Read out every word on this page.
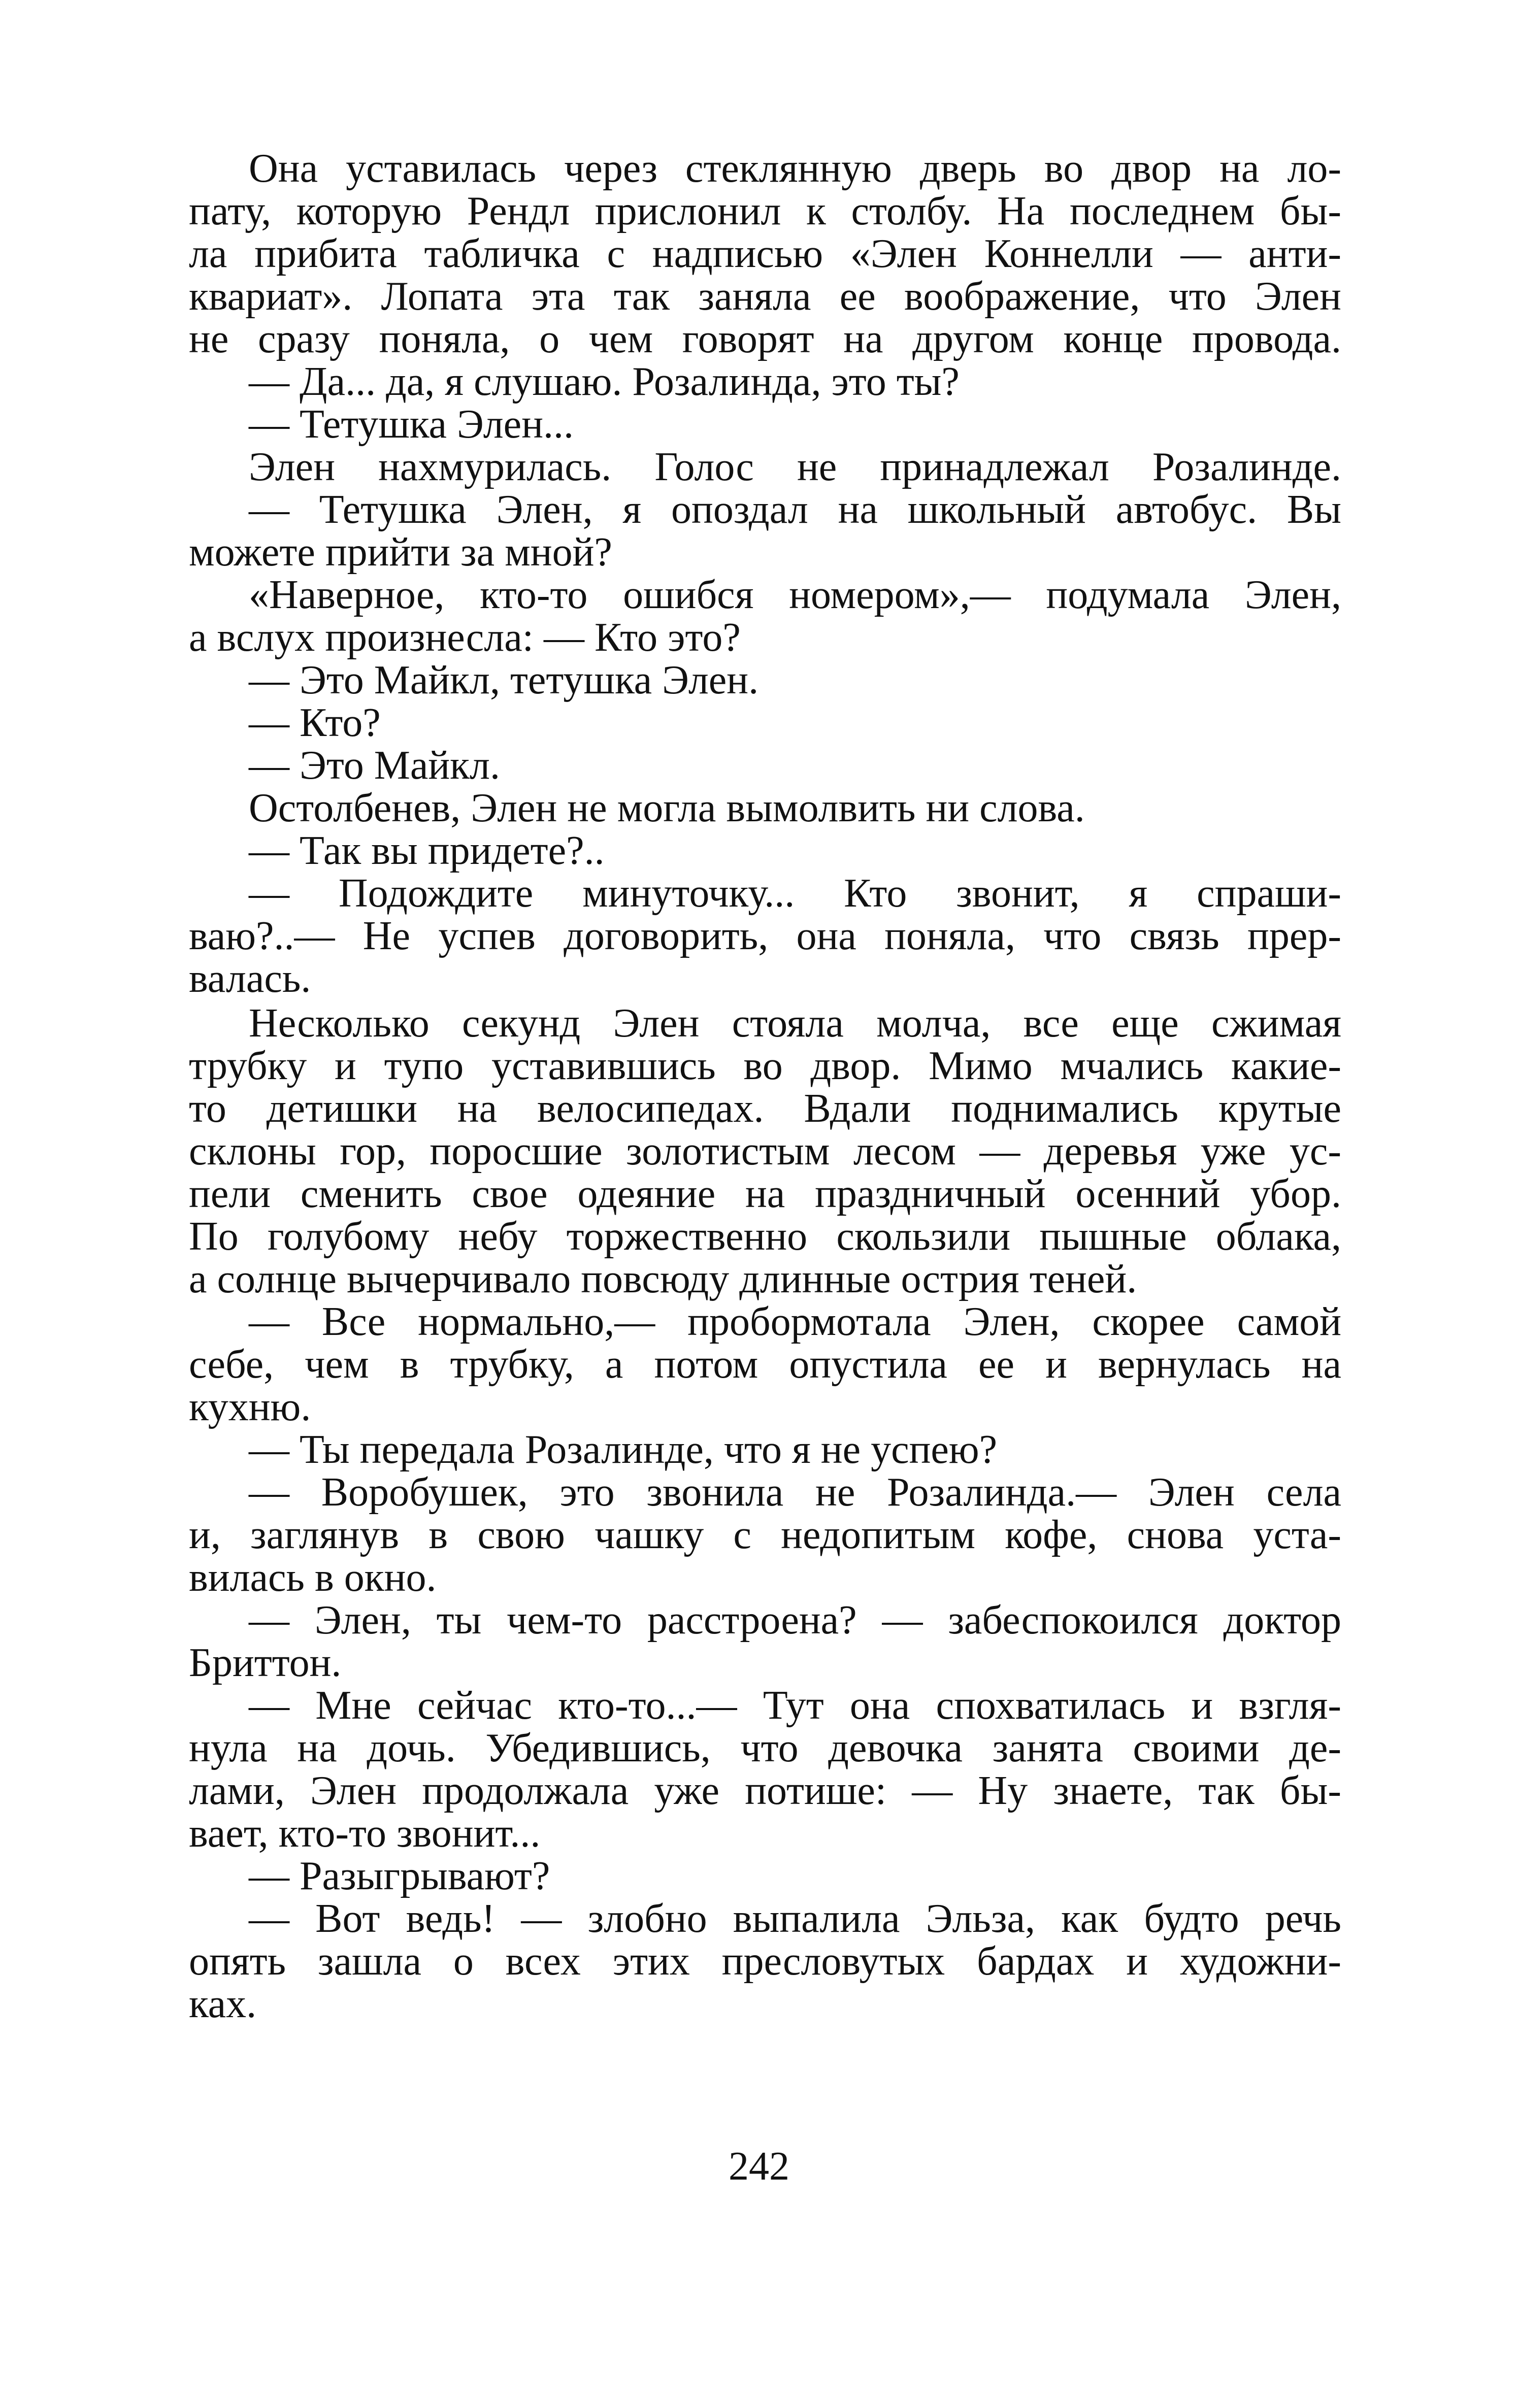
Она уставилась через стеклянную дверь во двор на ло-
пату, которую Рендл прислонил к столбу. На последнем бы-
ла прибита табличка с надписью «Элен Коннелли — анти-
квариат». Лопата эта так заняла ее воображение, что Элен
не сразу поняла, о чем говорят на другом конце провода.
— Да... да, я слушаю. Розалинда, это ты?
— Тетушка Элен...
Элен нахмурилась. Голос не принадлежал Розалинде.
— Тетушка Элен, я опоздал на школьный автобус. Вы
можете прийти за мной?
«Наверное, кто-то ошибся номером»,— подумала Элен,
а вслух произнесла: — Кто это?
— Это Майкл, тетушка Элен.
— Кто?
— Это Майкл.
Остолбенев, Элен не могла вымолвить ни слова.
— Так вы придете?..
— Подождите минуточку... Кто звонит, я спраши-
ваю?..— Не успев договорить, она поняла, что связь прер-
валась.
Несколько секунд Элен стояла молча, все еще сжимая
трубку и тупо уставившись во двор. Мимо мчались какие-
то детишки на велосипедах. Вдали поднимались крутые
склоны гор, поросшие золотистым лесом — деревья уже ус-
пели сменить свое одеяние на праздничный осенний убор.
По голубому небу торжественно скользили пышные облака,
а солнце вычерчивало повсюду длинные острия теней.
— Все нормально,— пробормотала Элен, скорее самой
себе, чем в трубку, а потом опустила ее и вернулась на
кухню.
— Ты передала Розалинде, что я не успею?
— Воробушек, это звонила не Розалинда.— Элен села
и, заглянув в свою чашку с недопитым кофе, снова уста-
вилась в окно.
— Элен, ты чем-то расстроена? — забеспокоился доктор
Бриттон.
— Мне сейчас кто-то...— Тут она спохватилась и взгля-
нула на дочь. Убедившись, что девочка занята своими де-
лами, Элен продолжала уже потише: — Ну знаете, так бы-
вает, кто-то звонит...
— Разыгрывают?
— Вот ведь! — злобно выпалила Эльза, как будто речь
опять зашла о всех этих пресловутых бардах и художни-
ках.
242
